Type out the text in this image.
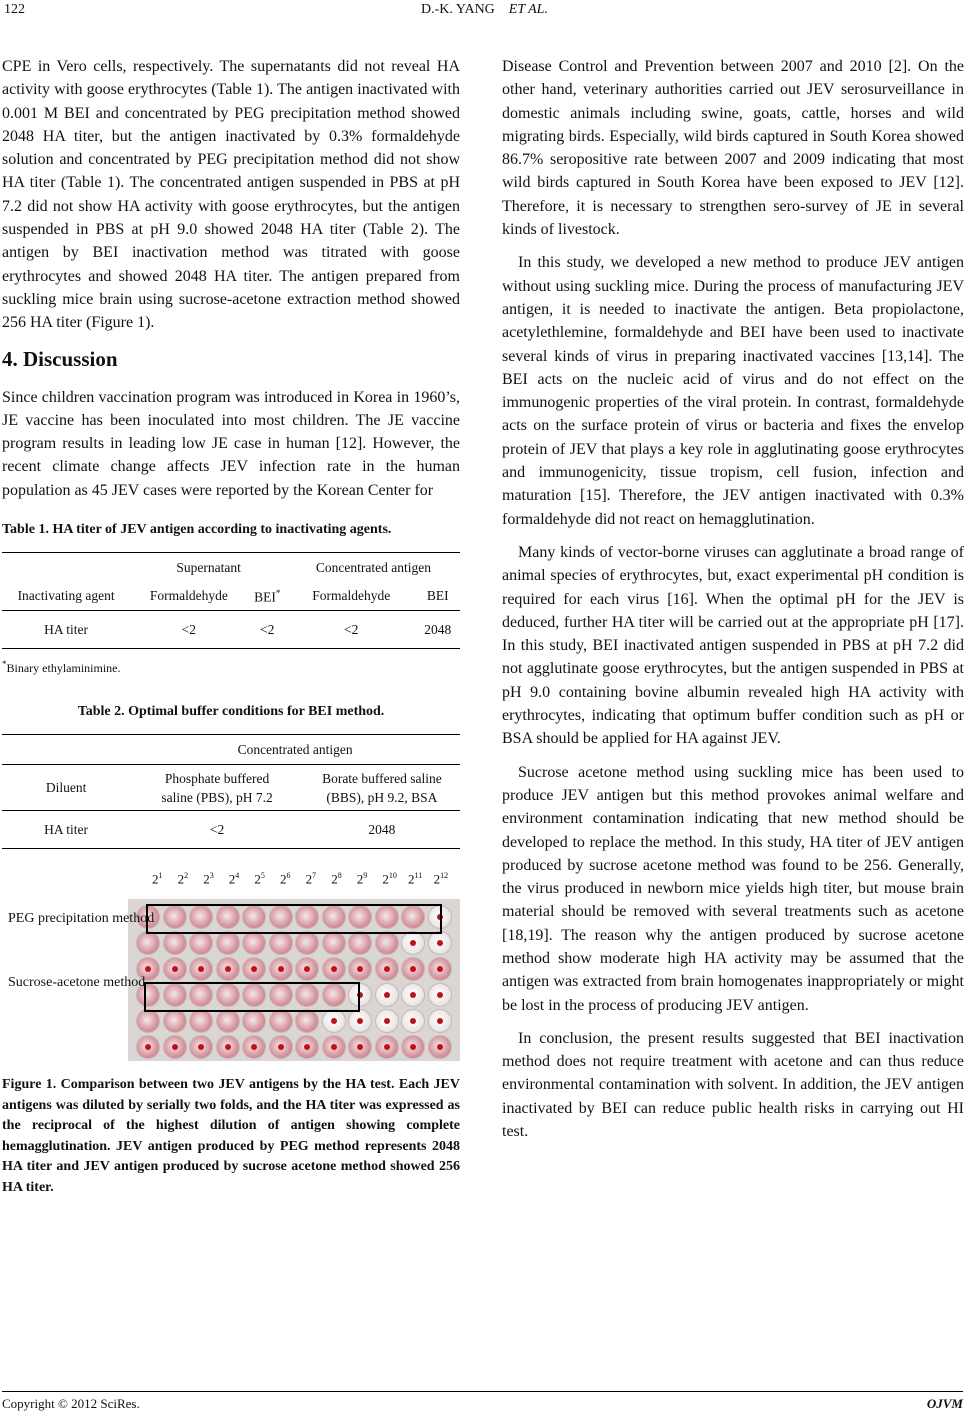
122	D.-K. YANG ET AL.

CPE in Vero cells, respectively. The supernatants did not reveal HA activity with goose erythrocytes (Table 1). The antigen inactivated with 0.001 M BEI and concentrated by PEG precipitation method showed 2048 HA titer, but the antigen inactivated by 0.3% formaldehyde solution and concentrated by PEG precipitation method did not show HA titer (Table 1). The concentrated antigen suspended in PBS at pH 7.2 did not show HA activity with goose erythrocytes, but the antigen suspended in PBS at pH 9.0 showed 2048 HA titer (Table 2). The antigen by BEI inactivation method was titrated with goose erythrocytes and showed 2048 HA titer. The antigen prepared from suckling mice brain using sucrose-acetone extraction method showed 256 HA titer (Figure 1).

4. Discussion

Since children vaccination program was introduced in Korea in 1960’s, JE vaccine has been inoculated into most children. The JE vaccine program results in leading low JE case in human [12]. However, the recent climate change affects JEV infection rate in the human population as 45 JEV cases were reported by the Korean Center for

Table 1. HA titer of JEV antigen according to inactivating agents.
	Supernatant		Concentrated antigen	
Inactivating agent	Formaldehyde	BEI*	Formaldehyde	BEI
HA titer	<2	<2	<2	2048
*Binary ethylaminimine.
Table 2. Optimal buffer conditions for BEI method.
	Concentrated antigen	
Diluent	Phosphate buffered saline (PBS), pH 7.2	Borate buffered saline (BBS), pH 9.2, BSA
HA titer	<2	2048
$2^1$ $2^2$ $2^3$ $2^4$ $2^5$ $2^6$ $2^7$ $2^8$ $2^9$ $2^{10}$ $2^{11}$ $2^{12}$
PEG precipitation method
Sucrose-acetone method
Figure 1. Comparison between two JEV antigens by the HA test. Each JEV antigens was diluted by serially two folds, and the HA titer was expressed as the reciprocal of the highest dilution of antigen showing complete hemagglutination. JEV antigen produced by PEG method represents 2048 HA titer and JEV antigen produced by sucrose acetone method showed 256 HA titer.

Disease Control and Prevention between 2007 and 2010 [2]. On the other hand, veterinary authorities carried out JEV serosurveillance in domestic animals including swine, goats, cattle, horses and wild migrating birds. Especially, wild birds captured in South Korea showed 86.7% seropositive rate between 2007 and 2009 indicating that most wild birds captured in South Korea have been exposed to JEV [12]. Therefore, it is necessary to strengthen sero-survey of JE in several kinds of livestock.

In this study, we developed a new method to produce JEV antigen without using suckling mice. During the process of manufacturing JEV antigen, it is needed to inactivate the antigen. Beta propiolactone, acetylethlemine, formaldehyde and BEI have been used to inactivate several kinds of virus in preparing inactivated vaccines [13,14]. The BEI acts on the nucleic acid of virus and do not effect on the immunogenic properties of the viral protein. In contrast, formaldehyde acts on the surface protein of virus or bacteria and fixes the envelop protein of JEV that plays a key role in agglutinating goose erythrocytes and immunogenicity, tissue tropism, cell fusion, infection and maturation [15]. Therefore, the JEV antigen inactivated with 0.3% formaldehyde did not react on hemagglutination.

Many kinds of vector-borne viruses can agglutinate a broad range of animal species of erythrocytes, but, exact experimental pH condition is required for each virus [16]. When the optimal pH for the JEV is deduced, further HA titer will be carried out at the appropriate pH [17]. In this study, BEI inactivated antigen suspended in PBS at pH 7.2 did not agglutinate goose erythrocytes, but the antigen suspended in PBS at pH 9.0 containing bovine albumin revealed high HA activity with erythrocytes, indicating that optimum buffer condition such as pH or BSA should be applied for HA against JEV.

Sucrose acetone method using suckling mice has been used to produce JEV antigen but this method provokes animal welfare and environment contamination indicating that new method should be developed to replace the method. In this study, HA titer of JEV antigen produced by sucrose acetone method was found to be 256. Generally, the virus produced in newborn mice yields high titer, but mouse brain material should be removed with several treatments such as acetone [18,19]. The reason why the antigen produced by sucrose acetone method show moderate high HA activity may be assumed that the antigen was extracted from brain homogenates inappropriately or might be lost in the process of producing JEV antigen.

In conclusion, the present results suggested that BEI inactivation method does not require treatment with acetone and can thus reduce environmental contamination with solvent. In addition, the JEV antigen inactivated by BEI can reduce public health risks in carrying out HI test.

Copyright © 2012 SciRes.	OJVM
